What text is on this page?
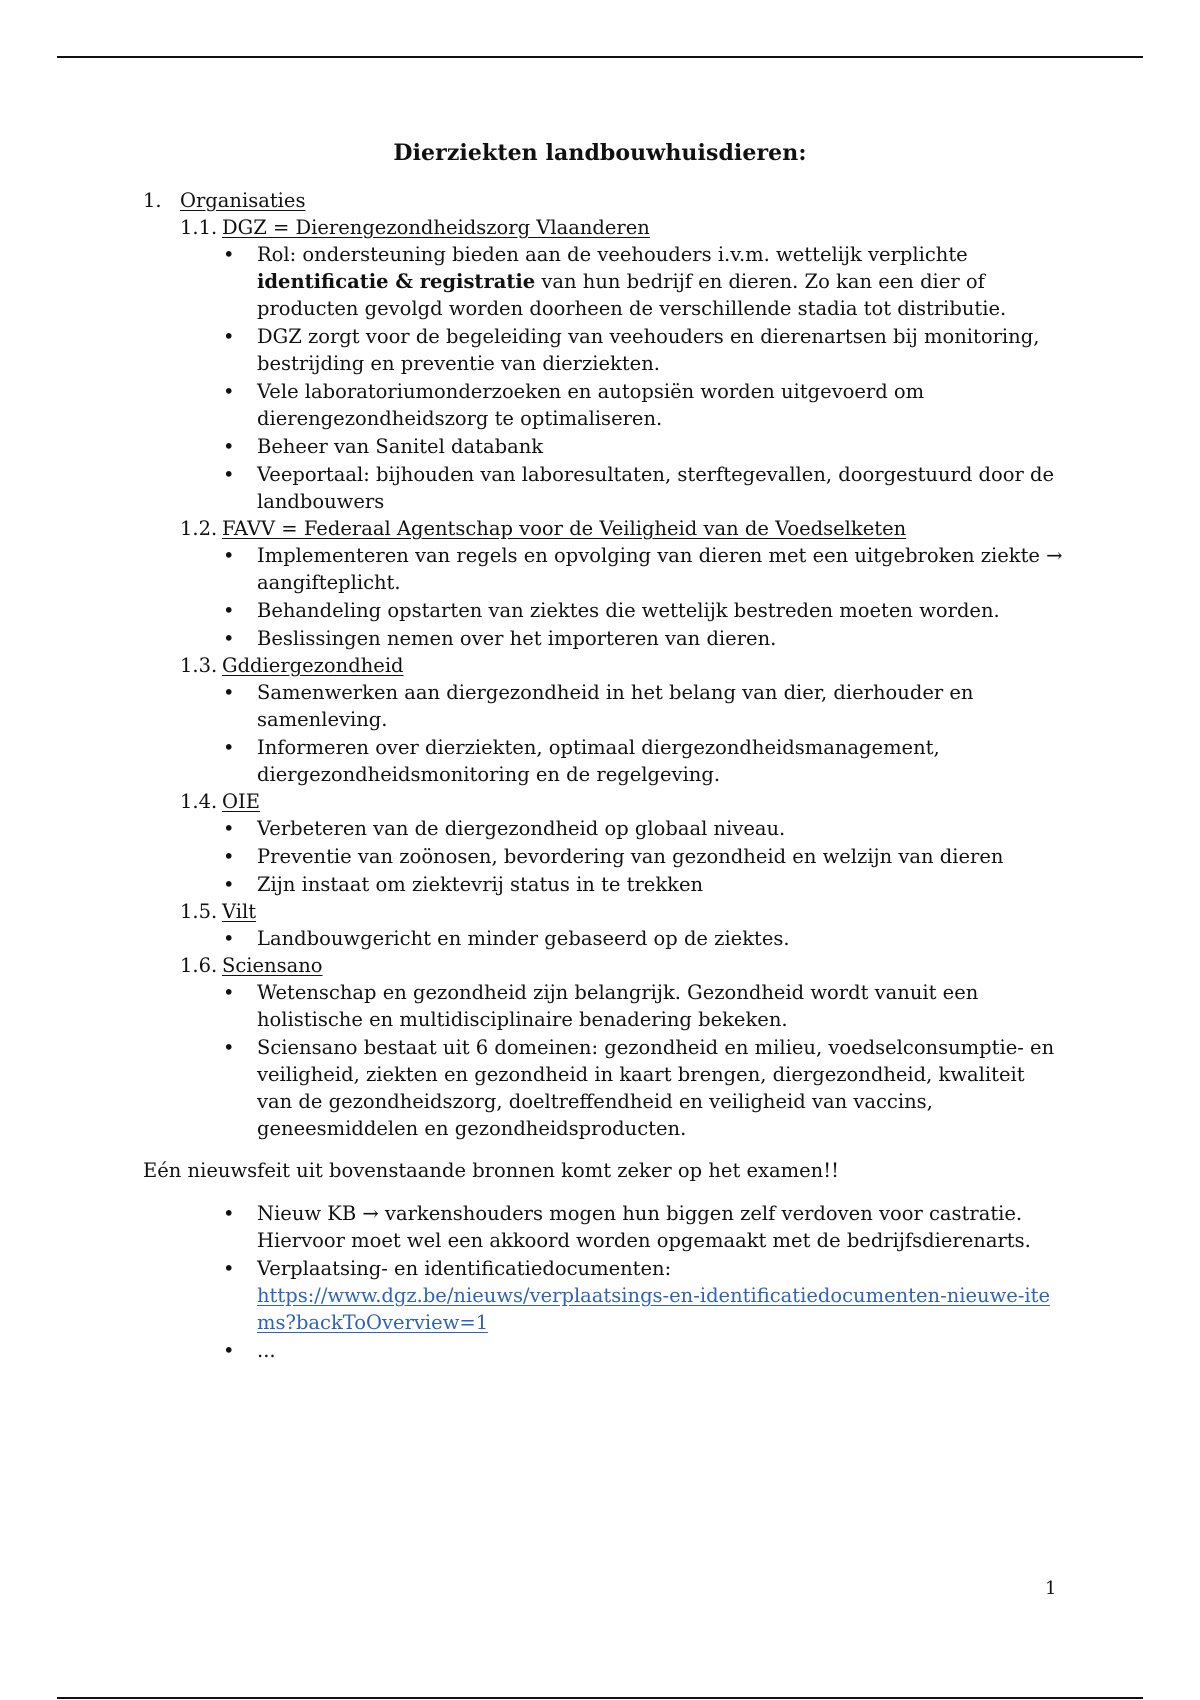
Dierziekten landbouwhuisdieren:
1. Organisaties
1.1. DGZ = Dierengezondheidszorg Vlaanderen
• Rol: ondersteuning bieden aan de veehouders i.v.m. wettelijk verplichte
identificatie & registratie van hun bedrijf en dieren. Zo kan een dier of producten gevolgd worden doorheen de verschillende stadia tot distributie.
• DGZ zorgt voor de begeleiding van veehouders en dierenartsen bij monitoring, bestrijding en preventie van dierziekten.
• Vele laboratoriumonderzoeken en autopsiën worden uitgevoerd om dierengezondheidszorg te optimaliseren.
• Beheer van Sanitel databank
• Veeportaal: bijhouden van laboresultaten, sterftegevallen, doorgestuurd door de landbouwers
1.2. FAVV = Federaal Agentschap voor de Veiligheid van de Voedselketen
• Implementeren van regels en opvolging van dieren met een uitgebroken ziekte → aangifteplicht.
• Behandeling opstarten van ziektes die wettelijk bestreden moeten worden.
• Beslissingen nemen over het importeren van dieren.
1.3. Gddiergezondheid
• Samenwerken aan diergezondheid in het belang van dier, dierhouder en samenleving.
• Informeren over dierziekten, optimaal diergezondheidsmanagement, diergezondheidsmonitoring en de regelgeving.
1.4. OIE
• Verbeteren van de diergezondheid op globaal niveau.
• Preventie van zoönosen, bevordering van gezondheid en welzijn van dieren
• Zijn instaat om ziektevrij status in te trekken
1.5. Vilt
• Landbouwgericht en minder gebaseerd op de ziektes.
1.6. Sciensano
• Wetenschap en gezondheid zijn belangrijk. Gezondheid wordt vanuit een holistische en multidisciplinaire benadering bekeken.
• Sciensano bestaat uit 6 domeinen: gezondheid en milieu, voedselconsumptie- en veiligheid, ziekten en gezondheid in kaart brengen, diergezondheid, kwaliteit van de gezondheidszorg, doeltreffendheid en veiligheid van vaccins, geneesmiddelen en gezondheidsproducten.
Eén nieuwsfeit uit bovenstaande bronnen komt zeker op het examen!!
• Nieuw KB → varkenshouders mogen hun biggen zelf verdoven voor castratie. Hiervoor moet wel een akkoord worden opgemaakt met de bedrijfsdierenarts.
• Verplaatsing- en identificatiedocumenten:
https://www.dgz.be/nieuws/verplaatsings-en-identificatiedocumenten-nieuwe-items?backToOverview=1
• ...
1
